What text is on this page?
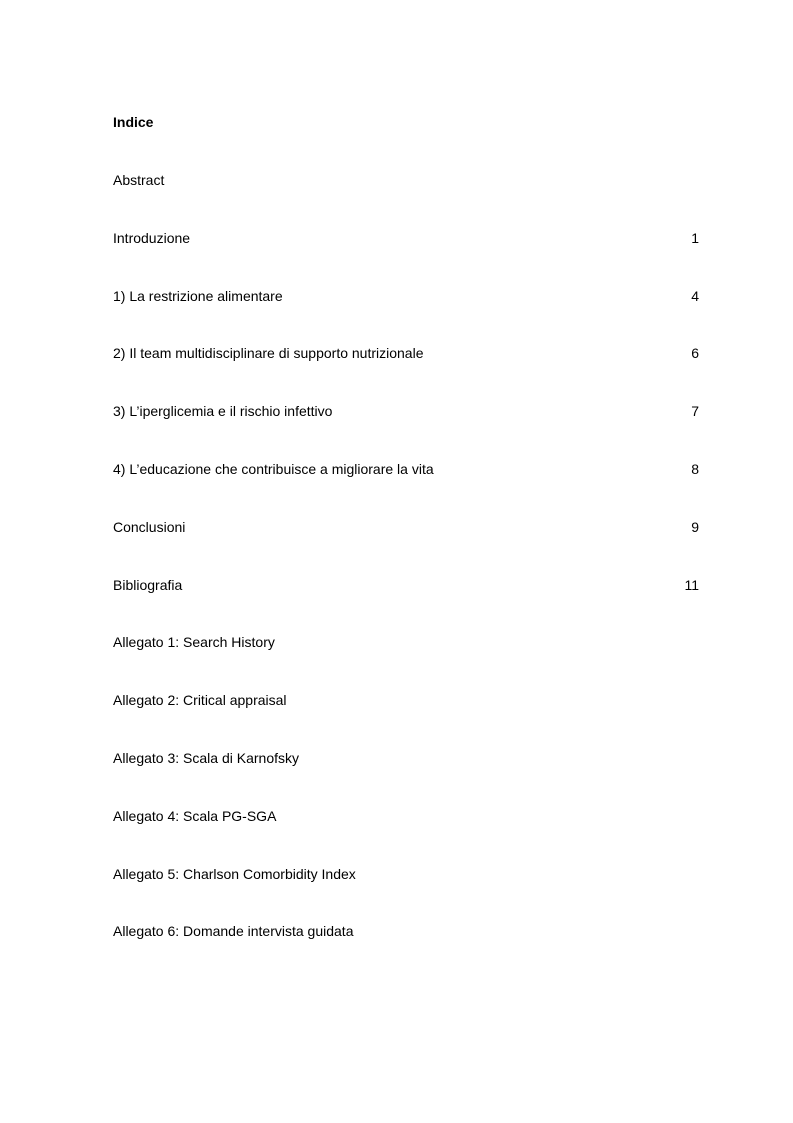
Indice
Abstract
Introduzione	1
1) La restrizione alimentare	4
2) Il team multidisciplinare di supporto nutrizionale	6
3) L’iperglicemia e il rischio infettivo	7
4) L’educazione che contribuisce a migliorare la vita	8
Conclusioni	9
Bibliografia	11
Allegato 1: Search History
Allegato 2: Critical appraisal
Allegato 3: Scala di Karnofsky
Allegato 4: Scala PG-SGA
Allegato 5: Charlson Comorbidity Index
Allegato 6: Domande intervista guidata
